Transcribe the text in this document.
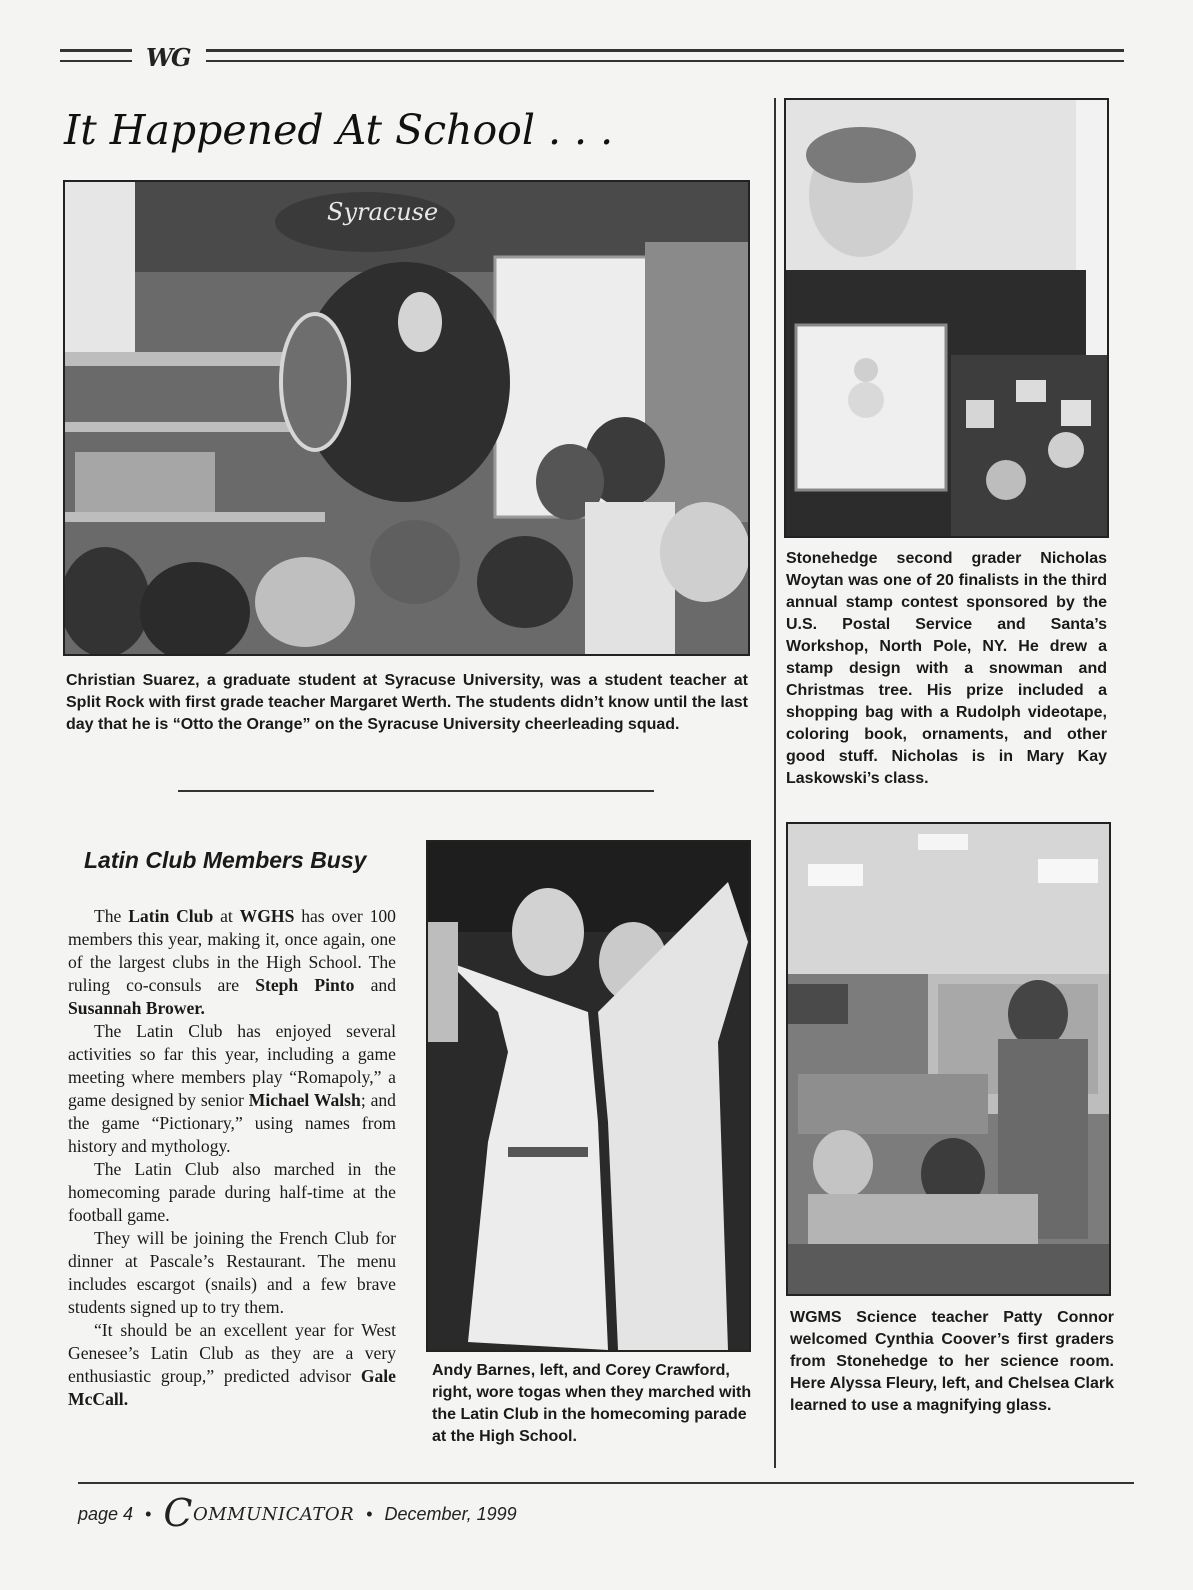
WG
It Happened At School . . .
Syracuse
Christian Suarez, a graduate student at Syracuse University, was a student teacher at Split Rock with first grade teacher Margaret Werth. The students didn’t know until the last day that he is “Otto the Orange” on the Syracuse University cheerleading squad.
Stonehedge second grader Nicholas Woytan was one of 20 finalists in the third annual stamp contest sponsored by the U.S. Postal Service and Santa’s Workshop, North Pole, NY. He drew a stamp design with a snowman and Christmas tree. His prize included a shopping bag with a Rudolph videotape, coloring book, ornaments, and other good stuff. Nicholas is in Mary Kay Laskowski’s class.
Latin Club Members Busy

The Latin Club at WGHS has over 100 members this year, making it, once again, one of the largest clubs in the High School. The ruling co-consuls are Steph Pinto and Susannah Brower.

The Latin Club has enjoyed several activities so far this year, including a game meeting where members play “Romapoly,” a game designed by senior Michael Walsh; and the game “Pictionary,” using names from history and mythology.

The Latin Club also marched in the homecoming parade during half-time at the football game.

They will be joining the French Club for dinner at Pascale’s Restaurant. The menu includes escargot (snails) and a few brave students signed up to try them.

“It should be an excellent year for West Genesee’s Latin Club as they are a very enthusiastic group,” predicted advisor Gale McCall.

Andy Barnes, left, and Corey Crawford, right, wore togas when they marched with the Latin Club in the homecoming parade at the High School.
WGMS Science teacher Patty Connor welcomed Cynthia Coover’s first graders from Stonehedge to her science room. Here Alyssa Fleury, left, and Chelsea Clark learned to use a magnifying glass.
page 4 • COMMUNICATOR • December, 1999
